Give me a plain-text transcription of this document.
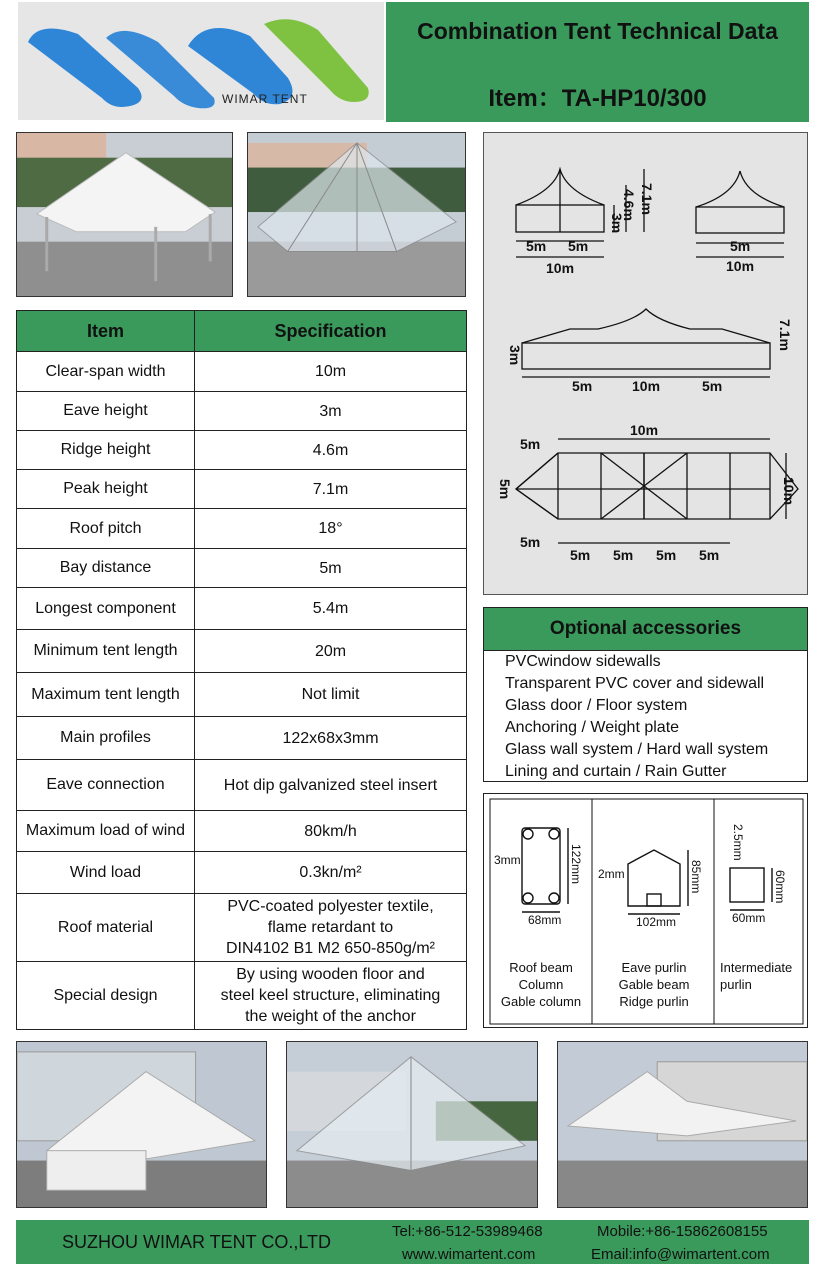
WIMAR TENT
Combination Tent Technical Data
Item：TA-HP10/300
Item	Specification
Clear-span width	10m
Eave height	3m
Ridge height	4.6m
Peak height	7.1m
Roof pitch	18°
Bay distance	5m
Longest component	5.4m
Minimum tent length	20m
Maximum tent length	Not limit
Main profiles	122x68x3mm
Eave connection	Hot dip galvanized steel insert
Maximum load of wind	80km/h
Wind load	0.3kn/m²
Roof material	PVC-coated polyester textile,
flame retardant to
DIN4102 B1 M2 650-850g/m²
Special design	By using wooden floor and
steel keel structure, eliminating
the weight of the anchor
5m 5m
10m
3m
4.6m 7.1m
5m
10m
3m
5m	10m	5m
7.1m
5m
10m
5m	10m
5m
5m 5m 5m 5m
Optional accessories
PVCwindow sidewalls
Transparent PVC cover and sidewall
Glass door / Floor system
Anchoring / Weight plate
Glass wall system / Hard wall system
Lining and curtain / Rain Gutter
3mm	122mm
68mm
Roof beam
Column
Gable column
2mm	85mm
102mm
Eave purlin
Gable beam
Ridge purlin
2.5mm
60mm
60mm
Intermediate
purlin
SUZHOU WIMAR TENT CO.,LTD
Tel:+86-512-53989468
www.wimartent.com
Mobile:+86-15862608155
Email:info@wimartent.com
